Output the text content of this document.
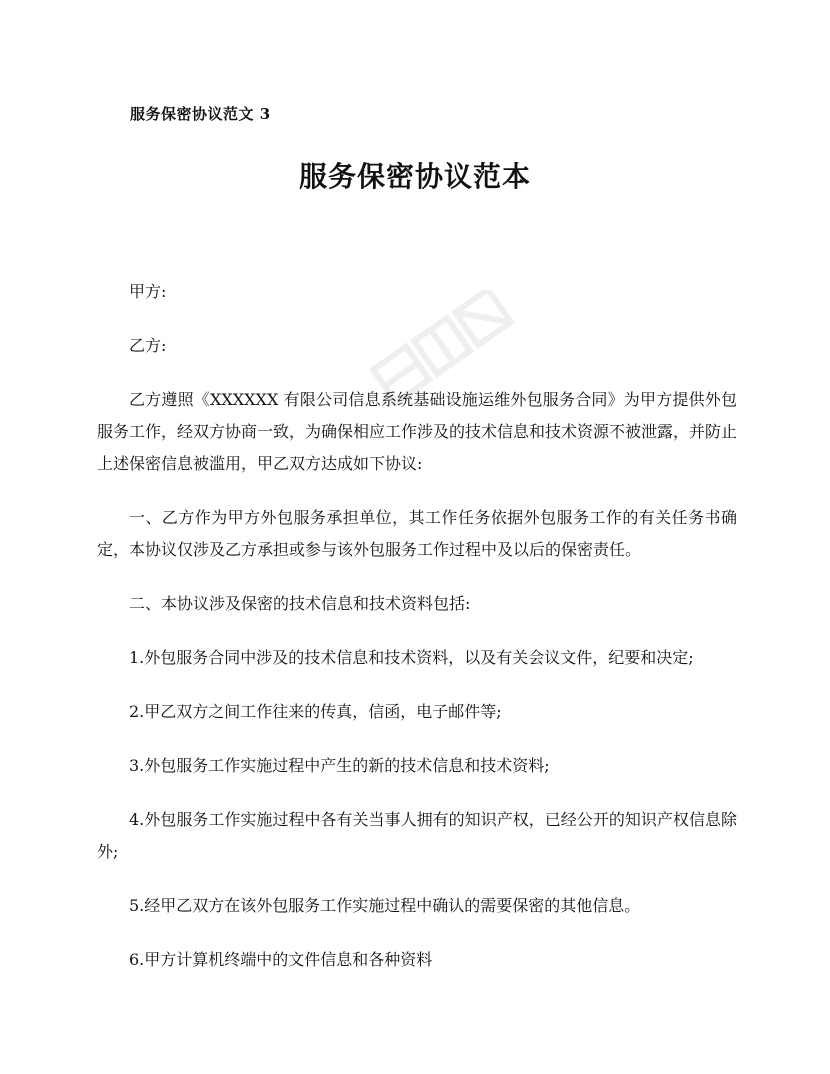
服务保密协议范文 3
服务保密协议范本

甲方:

乙方:

乙方遵照《XXXXXX 有限公司信息系统基础设施运维外包服务合同》为甲方提供外包服务工作，经双方协商一致，为确保相应工作涉及的技术信息和技术资源不被泄露，并防止上述保密信息被滥用，甲乙双方达成如下协议:

一、乙方作为甲方外包服务承担单位，其工作任务依据外包服务工作的有关任务书确定，本协议仅涉及乙方承担或参与该外包服务工作过程中及以后的保密责任。

二、本协议涉及保密的技术信息和技术资料包括:

1.外包服务合同中涉及的技术信息和技术资料，以及有关会议文件，纪要和决定;

2.甲乙双方之间工作往来的传真，信函，电子邮件等;

3.外包服务工作实施过程中产生的新的技术信息和技术资料;

4.外包服务工作实施过程中各有关当事人拥有的知识产权，已经公开的知识产权信息除外;

5.经甲乙双方在该外包服务工作实施过程中确认的需要保密的其他信息。

6.甲方计算机终端中的文件信息和各种资料
